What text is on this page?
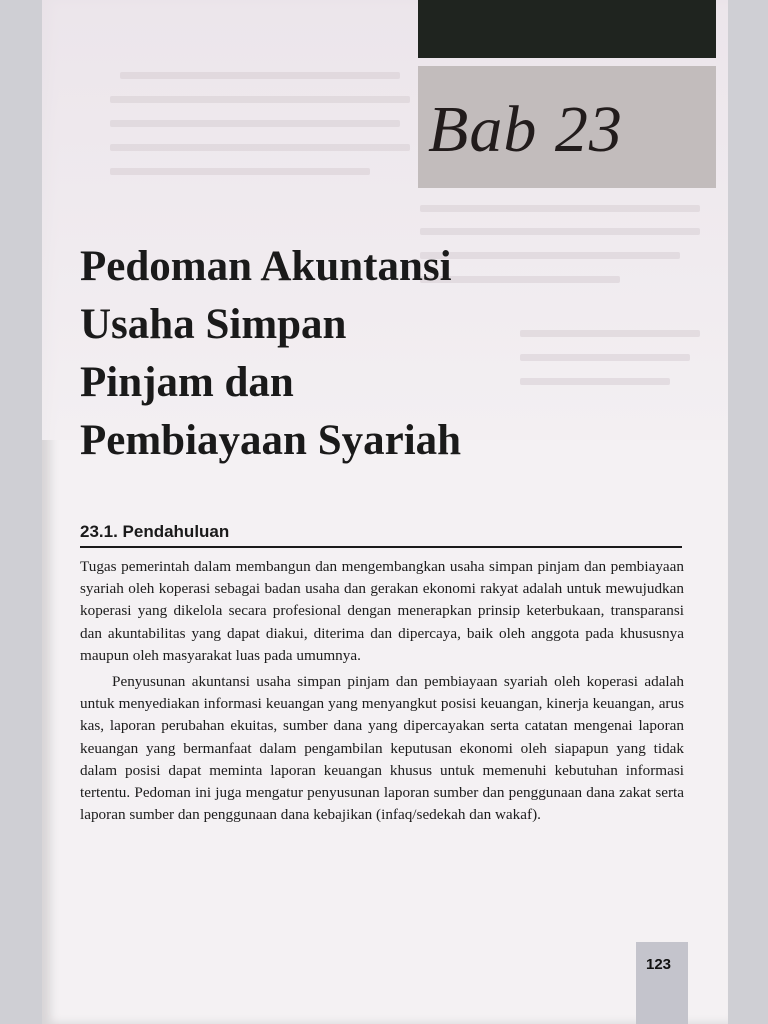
Bab 23
Pedoman Akuntansi
Usaha Simpan
Pinjam dan
Pembiayaan Syariah
23.1. Pendahuluan

Tugas pemerintah dalam membangun dan mengembangkan usaha simpan pinjam dan pembiayaan syariah oleh koperasi sebagai badan usaha dan gerakan ekonomi rakyat adalah untuk mewujudkan koperasi yang dikelola secara profesional dengan menerapkan prinsip keterbukaan, transparansi dan akuntabilitas yang dapat diakui, diterima dan dipercaya, baik oleh anggota pada khususnya maupun oleh masyarakat luas pada umumnya.

Penyusunan akuntansi usaha simpan pinjam dan pembiayaan syariah oleh koperasi adalah untuk menyediakan informasi keuangan yang menyangkut posisi keuangan, kinerja keuangan, arus kas, laporan perubahan ekuitas, sumber dana yang dipercayakan serta catatan mengenai laporan keuangan yang bermanfaat dalam pengambilan keputusan ekonomi oleh siapapun yang tidak dalam posisi dapat meminta laporan keuangan khusus untuk memenuhi kebutuhan informasi tertentu. Pedoman ini juga mengatur penyusunan laporan sumber dan penggunaan dana zakat serta laporan sumber dan penggunaan dana kebajikan (infaq/sedekah dan wakaf).

123
